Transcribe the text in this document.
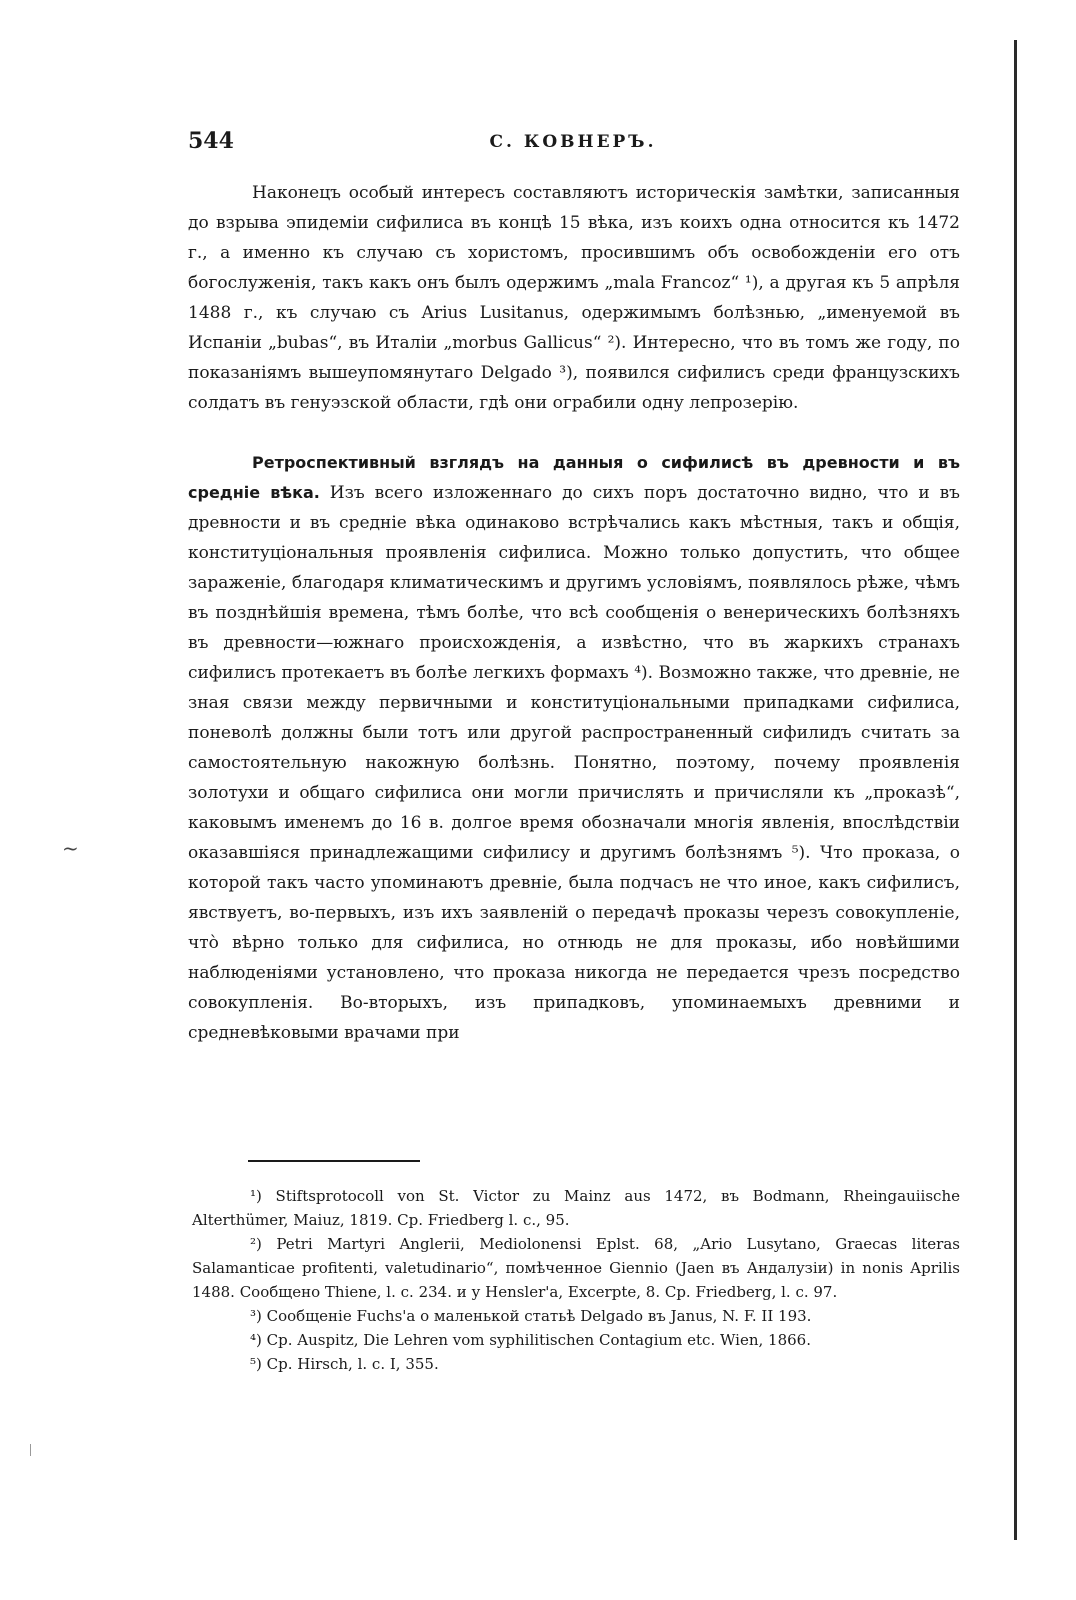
544	С. КОВНЕРЪ.

Наконецъ особый интересъ составляютъ историческія замѣтки, записанныя до взрыва эпидеміи сифилиса въ концѣ 15 вѣка, изъ коихъ одна относится къ 1472 г., а именно къ случаю съ хористомъ, просившимъ объ освобожденіи его отъ богослуженія, такъ какъ онъ былъ одержимъ „mala Francoz“ ¹), а другая къ 5 апрѣля 1488 г., къ случаю съ Arius Lusitanus, одержимымъ болѣзнью, „именуемой въ Испаніи „bubas“, въ Италіи „morbus Gallicus“ ²). Интересно, что въ томъ же году, по показаніямъ вышеупомянутаго Delgado ³), появился сифилисъ среди французскихъ солдатъ въ генуэзской области, гдѣ они ограбили одну лепрозерію.

Ретроспективный взглядъ на данныя о сифилисѣ въ древности и въ средніе вѣка. Изъ всего изложеннаго до сихъ поръ достаточно видно, что и въ древности и въ средніе вѣка одинаково встрѣчались какъ мѣстныя, такъ и общія, конституціональныя проявленія сифилиса. Можно только допустить, что общее зараженіе, благодаря климатическимъ и другимъ условіямъ, появлялось рѣже, чѣмъ въ позднѣйшія времена, тѣмъ болѣе, что всѣ сообщенія о венерическихъ болѣзняхъ въ древности—южнаго происхожденія, а извѣстно, что въ жаркихъ странахъ сифилисъ протекаетъ въ болѣе легкихъ формахъ ⁴). Возможно также, что древніе, не зная связи между первичными и конституціональными припадками сифилиса, поневолѣ должны были тотъ или другой распространенный сифилидъ считать за самостоятельную накожную болѣзнь. Понятно, поэтому, почему проявленія золотухи и общаго сифилиса они могли причислять и причисляли къ „проказѣ“, каковымъ именемъ до 16 в. долгое время обозначали многія явленія, впослѣдствіи оказавшіяся принадлежащими сифилису и другимъ болѣзнямъ ⁵). Что проказа, о которой такъ часто упоминаютъ древніе, была подчасъ не что иное, какъ сифилисъ, явствуетъ, во-первыхъ, изъ ихъ заявленій о передачѣ проказы черезъ совокупленіе, что̀ вѣрно только для сифилиса, но отнюдь не для проказы, ибо новѣйшими наблюденіями установлено, что проказа никогда не передается чрезъ посредство совокупленія. Во-вторыхъ, изъ припадковъ, упоминаемыхъ древними и средневѣковыми врачами при

¹) Stiftsprotocoll von St. Victor zu Mainz aus 1472, въ Bodmann, Rheingauiische Alterthümer, Maiuz, 1819. Ср. Friedberg l. c., 95.

²) Petri Martyri Anglerii, Mediolonensi Eplst. 68, „Ario Lusytano, Graecas literas Salamanticae profitenti, valetudinario“, помѣченное Giennio (Jaen въ Андалузіи) in nonis Aprilis 1488. Сообщено Thiene, l. c. 234. и у Hensler'a, Excerpte, 8. Ср. Friedberg, l. c. 97.

³) Сообщеніе Fuchs'a о маленькой статьѣ Delgado въ Janus, N. F. II 193.

⁴) Ср. Auspitz, Die Lehren vom syphilitischen Contagium etc. Wien, 1866.

⁵) Ср. Hirsch, l. c. I, 355.

~
